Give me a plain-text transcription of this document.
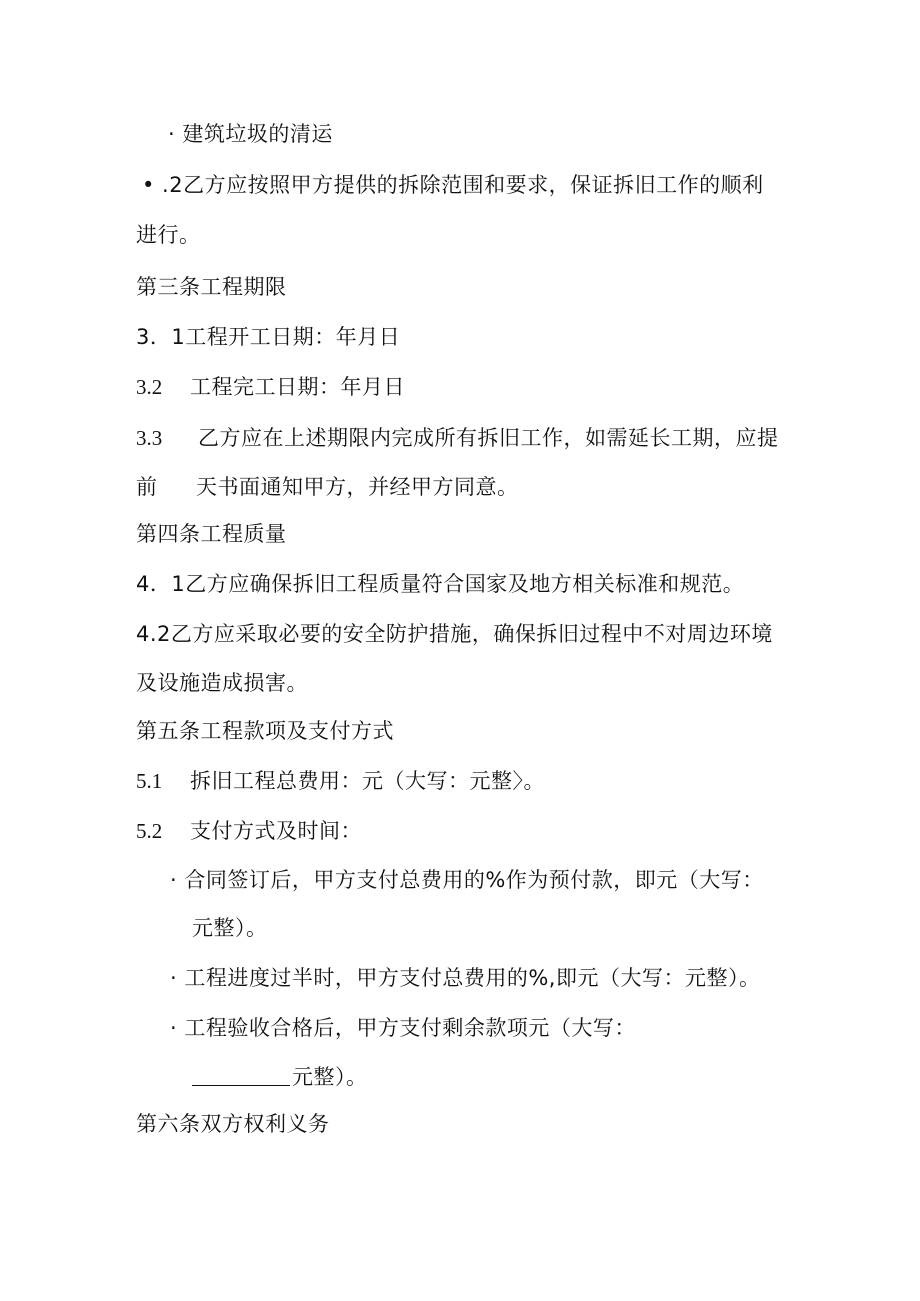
· 建筑垃圾的清运
• .2乙方应按照甲方提供的拆除范围和要求，保证拆旧工作的顺利
进行。
第三条工程期限
3．1工程开工日期：年月日
3.2 工程完工日期：年月日
3.3 乙方应在上述期限内完成所有拆旧工作，如需延长工期，应提
前 天书面通知甲方，并经甲方同意。
第四条工程质量
4．1乙方应确保拆旧工程质量符合国家及地方相关标准和规范。
4.2乙方应采取必要的安全防护措施，确保拆旧过程中不对周边环境
及设施造成损害。
第五条工程款项及支付方式
5.1 拆旧工程总费用：元（大写：元整〉。
5.2 支付方式及时间：
· 合同签订后，甲方支付总费用的%作为预付款，即元（大写：
元整）。
· 工程进度过半时，甲方支付总费用的%,即元（大写：元整）。
· 工程验收合格后，甲方支付剩余款项元（大写：
元整）。
第六条双方权利义务
